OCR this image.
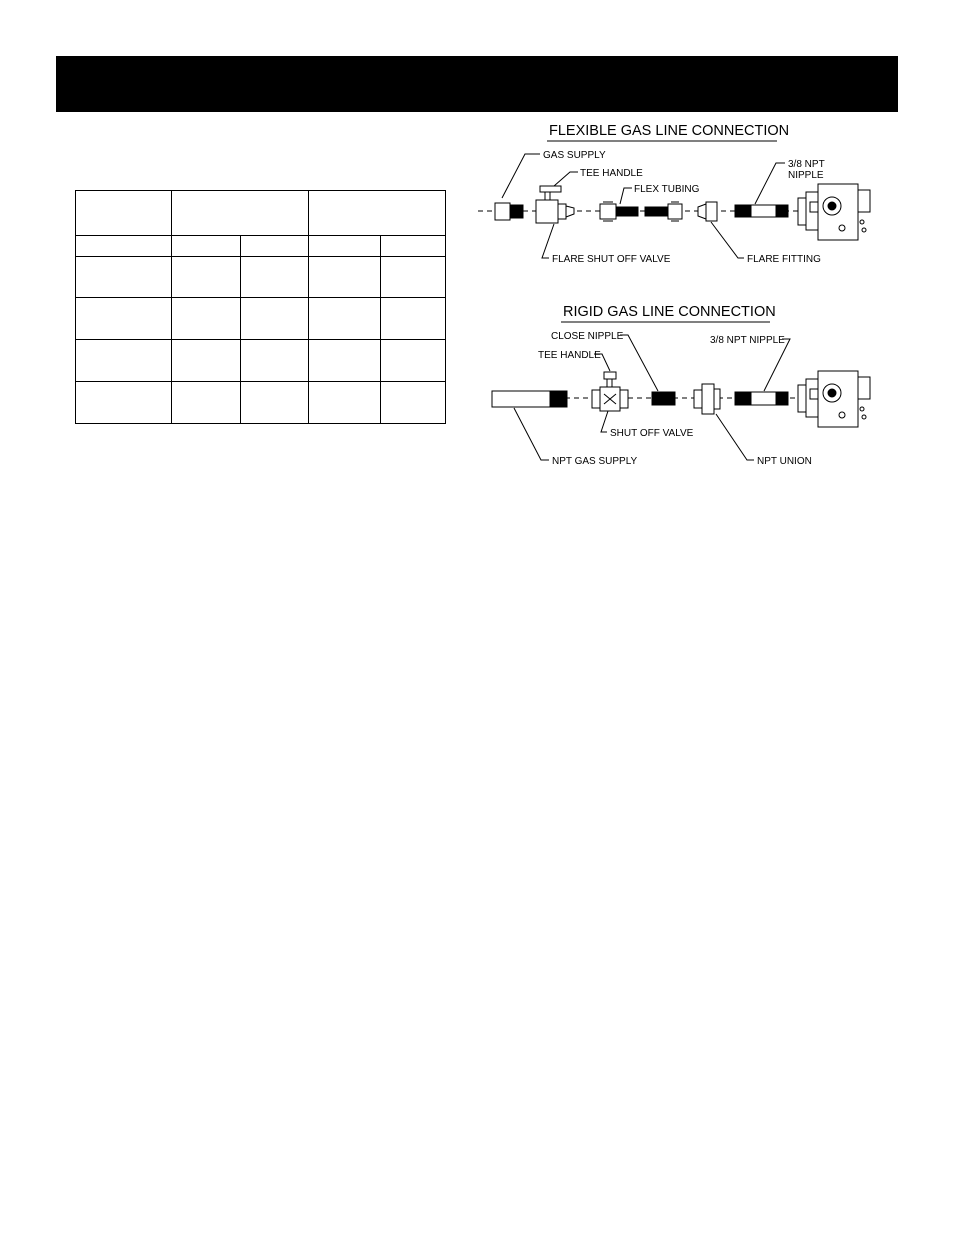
FLEXIBLE GAS LINE CONNECTION
GAS SUPPLY
TEE HANDLE
FLEX TUBING
3/8 NPT
NIPPLE
FLARE SHUT OFF VALVE	FLARE FITTING
RIGID GAS LINE CONNECTION
CLOSE NIPPLE
TEE HANDLE
3/8 NPT NIPPLE
SHUT OFF VALVE
NPT GAS SUPPLY	NPT UNION
